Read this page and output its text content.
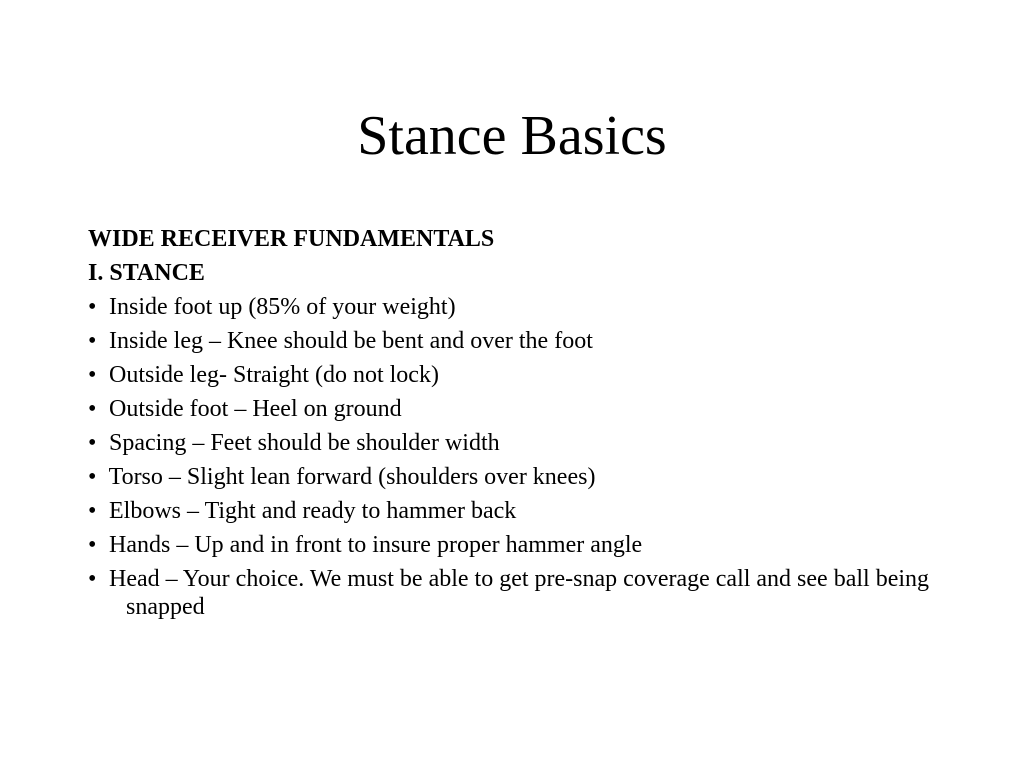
Stance Basics

WIDE RECEIVER FUNDAMENTALS

I. STANCE

• Inside foot up (85% of your weight)
• Inside leg – Knee should be bent and over the foot
• Outside leg- Straight (do not lock)
• Outside foot – Heel on ground
• Spacing – Feet should be shoulder width
• Torso – Slight lean forward (shoulders over knees)
• Elbows – Tight and ready to hammer back
• Hands – Up and in front to insure proper hammer angle
• Head – Your choice. We must be able to get pre-snap coverage call and see ball being snapped
